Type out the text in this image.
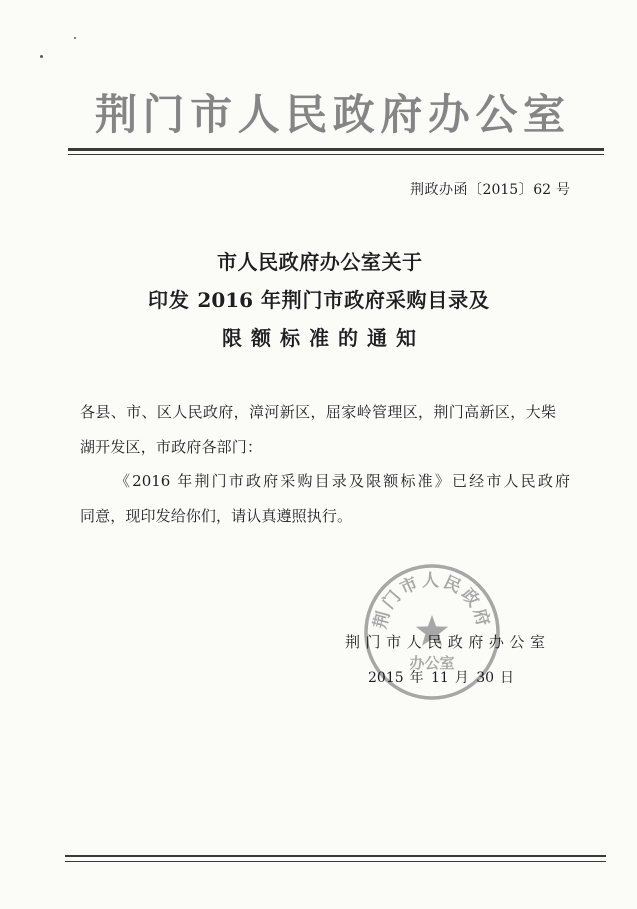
荆门市人民政府办公室
荆政办函〔2015〕62 号
市人民政府办公室关于
印发 2016 年荆门市政府采购目录及
限 额 标 准 的 通 知
各县、市、区人民政府，漳河新区，屈家岭管理区，荆门高新区，大柴
湖开发区，市政府各部门：
《2016 年荆门市政府采购目录及限额标准》已经市人民政府
同意，现印发给你们，请认真遵照执行。
荆门市人民政府办公室
2015 年 11 月 30 日
荆门市人民政府
办公室
